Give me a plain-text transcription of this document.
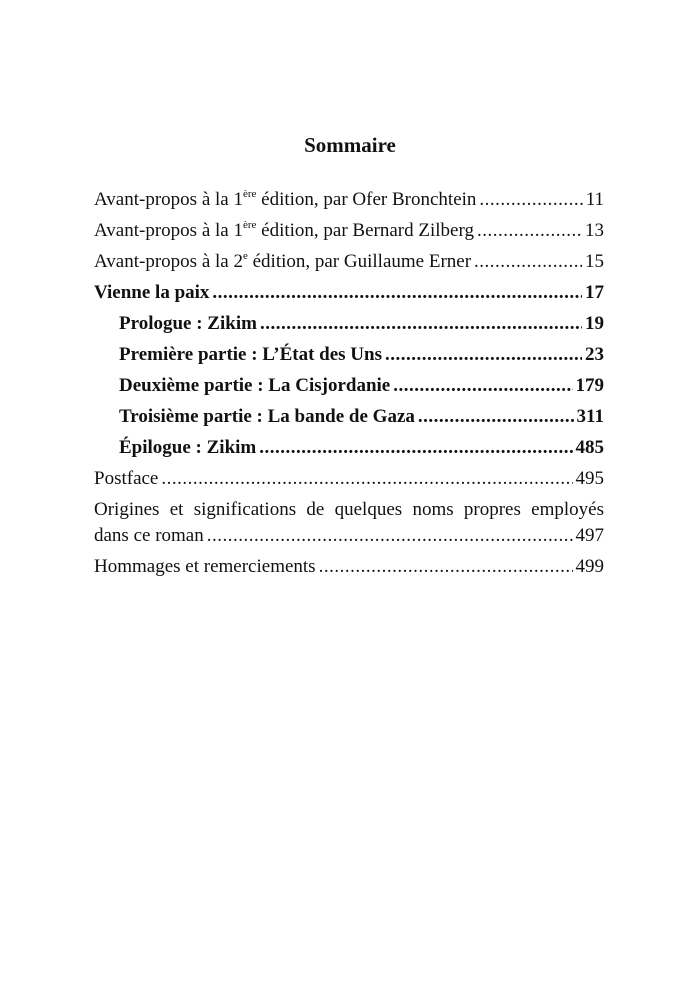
Sommaire
Avant-propos à la 1ère édition, par Ofer Bronchtein .....	11
Avant-propos à la 1ère édition, par Bernard Zilberg .....	13
Avant-propos à la 2e édition, par Guillaume Erner .....	15
Vienne la paix .....	17
Prologue : Zikim .....	19
Première partie : L’État des Uns .....	23
Deuxième partie : La Cisjordanie .....	179
Troisième partie : La bande de Gaza .....	311
Épilogue : Zikim .....	485
Postface .....	495
Origines et significations de quelques noms propres employés
dans ce roman .....	497
Hommages et remerciements .....	499
